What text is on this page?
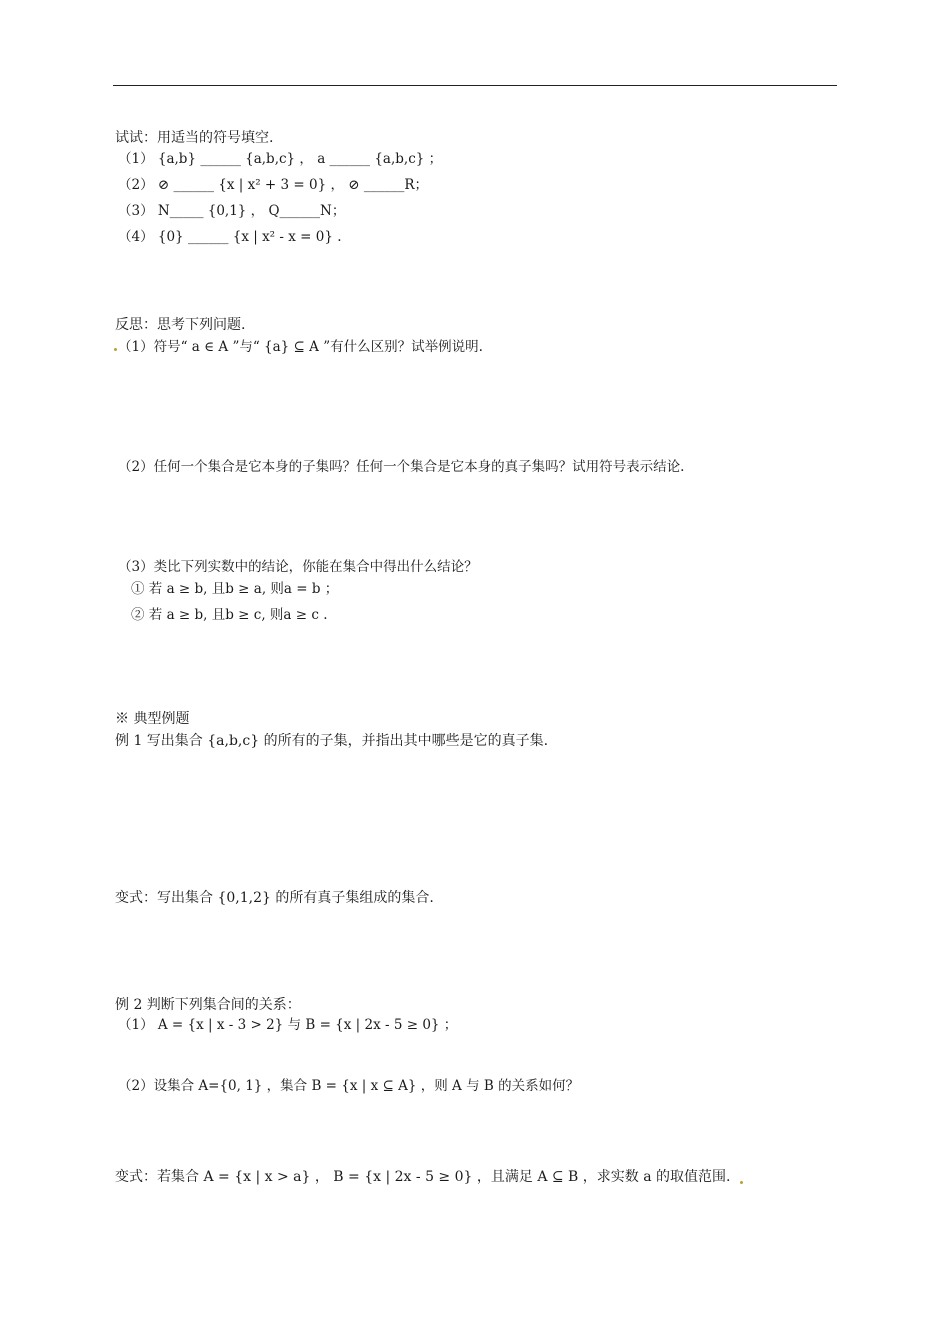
试试：用适当的符号填空.
（1） {a,b} ______ {a,b,c} ， a ______ {a,b,c} ；
（2） ⊘ ______ {x | x² + 3 = 0} ， ⊘ ______R；
（3） N_____ {0,1} ， Q______N；
（4） {0} ______ {x | x² - x = 0} .
反思：思考下列问题.
（1）符号“ a ∈ A ”与“ {a} ⊆ A ”有什么区别？试举例说明.
（2）任何一个集合是它本身的子集吗？任何一个集合是它本身的真子集吗？试用符号表示结论.
（3）类比下列实数中的结论，你能在集合中得出什么结论？
① 若 a ≥ b, 且b ≥ a, 则a = b ；
② 若 a ≥ b, 且b ≥ c, 则a ≥ c .
※ 典型例题
例 1 写出集合 {a,b,c} 的所有的子集，并指出其中哪些是它的真子集.
变式：写出集合 {0,1,2} 的所有真子集组成的集合.
例 2 判断下列集合间的关系：
（1） A = {x | x - 3 > 2} 与 B = {x | 2x - 5 ≥ 0} ；
（2）设集合 A={0, 1} ，集合 B = {x | x ⊆ A} ，则 A 与 B 的关系如何？
变式：若集合 A = {x | x > a} ， B = {x | 2x - 5 ≥ 0} ，且满足 A ⊆ B ，求实数 a 的取值范围.
